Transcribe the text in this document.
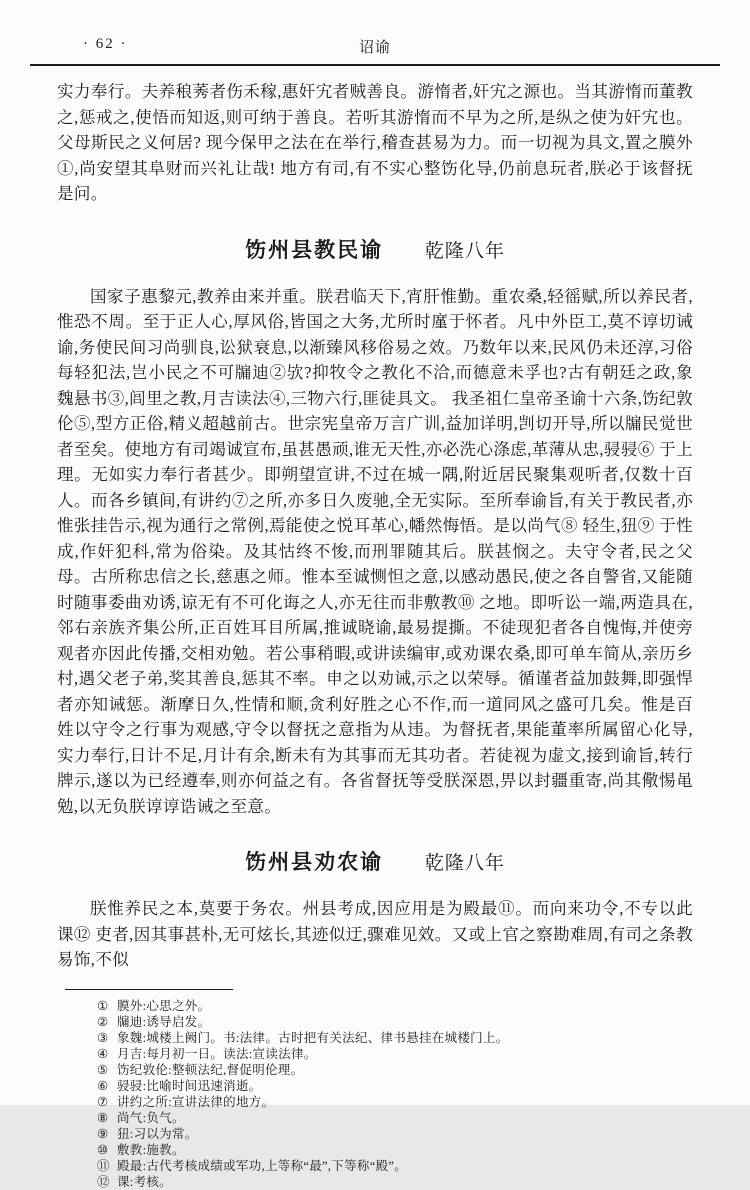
· 62 ·	诏谕

实力奉行。夫养稂莠者伤禾稼,惠奸宄者贼善良。游惰者,奸宄之源也。当其游惰而董教之,惩戒之,使悟而知返,则可纳于善良。若听其游惰而不早为之所,是纵之使为奸宄也。父母斯民之义何居? 现今保甲之法在在举行,稽查甚易为力。而一切视为具文,置之膜外①,尚安望其阜财而兴礼让哉! 地方有司,有不实心整饬化导,仍前息玩者,朕必于该督抚是问。

饬州县教民谕 乾隆八年

国家子惠黎元,教养由来并重。朕君临天下,宵肝惟勤。重农桑,轻徭赋,所以养民者,惟恐不周。至于正人心,厚风俗,皆国之大务,尤所时廑于怀者。凡中外臣工,莫不谆切诫谕,务使民间习尚驯良,讼狱衰息,以渐臻风移俗易之效。乃数年以来,民风仍未还淳,习俗每轻犯法,岂小民之不可牖迪②欤?抑牧令之教化不洽,而德意未孚也?古有朝廷之政,象魏悬书③,闾里之教,月吉读法④,三物六行,匪徒具文。 我圣祖仁皇帝圣谕十六条,饬纪敦伦⑤,型方正俗,精义超越前古。世宗宪皇帝万言广训,益加详明,剀切开导,所以牖民觉世者至矣。使地方有司竭诚宣布,虽甚愚顽,谁无天性,亦必洗心涤虑,革薄从忠,骎骎⑥ 于上理。无如实力奉行者甚少。即朔望宣讲,不过在城一隅,附近居民聚集观听者,仅数十百人。而各乡镇间,有讲约⑦之所,亦多日久废驰,全无实际。至所奉谕旨,有关于教民者,亦惟张挂告示,视为通行之常例,焉能使之悦耳革心,幡然悔悟。是以尚气⑧ 轻生,狃⑨ 于性成,作奸犯科,常为俗染。及其怙终不悛,而刑罪随其后。朕甚悯之。夫守令者,民之父母。古所称忠信之长,慈惠之师。惟本至诚恻怛之意,以感动愚民,使之各自警省,又能随时随事委曲劝诱,谅无有不可化诲之人,亦无往而非敷教⑩ 之地。即听讼一端,两造具在,邻右亲族齐集公所,正百姓耳目所属,推诚晓谕,最易提撕。不徒现犯者各自愧悔,并使旁观者亦因此传播,交相劝勉。若公事稍暇,或讲读编审,或劝课农桑,即可单车简从,亲历乡村,遇父老子弟,奖其善良,惩其不率。申之以劝诫,示之以荣辱。循谨者益加鼓舞,即强悍者亦知诫惩。渐摩日久,性情和顺,贪利好胜之心不作,而一道同风之盛可几矣。惟是百姓以守令之行事为观感,守令以督抚之意指为从违。为督抚者,果能董率所属留心化导,实力奉行,日计不足,月计有余,断未有为其事而无其功者。若徒视为虚文,接到谕旨,转行牌示,遂以为已经遵奉,则亦何益之有。各省督抚等受朕深恩,畀以封疆重寄,尚其儆惕黾勉,以无负朕谆谆诰诫之至意。

饬州县劝农谕 乾隆八年

朕惟养民之本,莫要于务农。州县考成,因应用是为殿最⑪。而向来功令,不专以此课⑫ 吏者,因其事甚朴,无可炫长,其迹似迂,骤难见效。又或上官之察勘难周,有司之条教易饰,不似

① 膜外:心思之外。
② 牖迪:诱导启发。
③ 象魏:城楼上阙门。书:法律。古时把有关法纪、律书悬挂在城楼门上。
④ 月吉:每月初一日。读法:宣读法律。
⑤ 饬纪敦伦:整顿法纪,督促明伦理。
⑥ 骎骎:比喻时间迅速消逝。
⑦ 讲约之所:宣讲法律的地方。
⑧ 尚气:负气。
⑨ 狃:习以为常。
⑩ 敷教:施教。
⑪ 殿最:古代考核成绩或军功,上等称“最”,下等称“殿”。
⑫ 课:考核。
